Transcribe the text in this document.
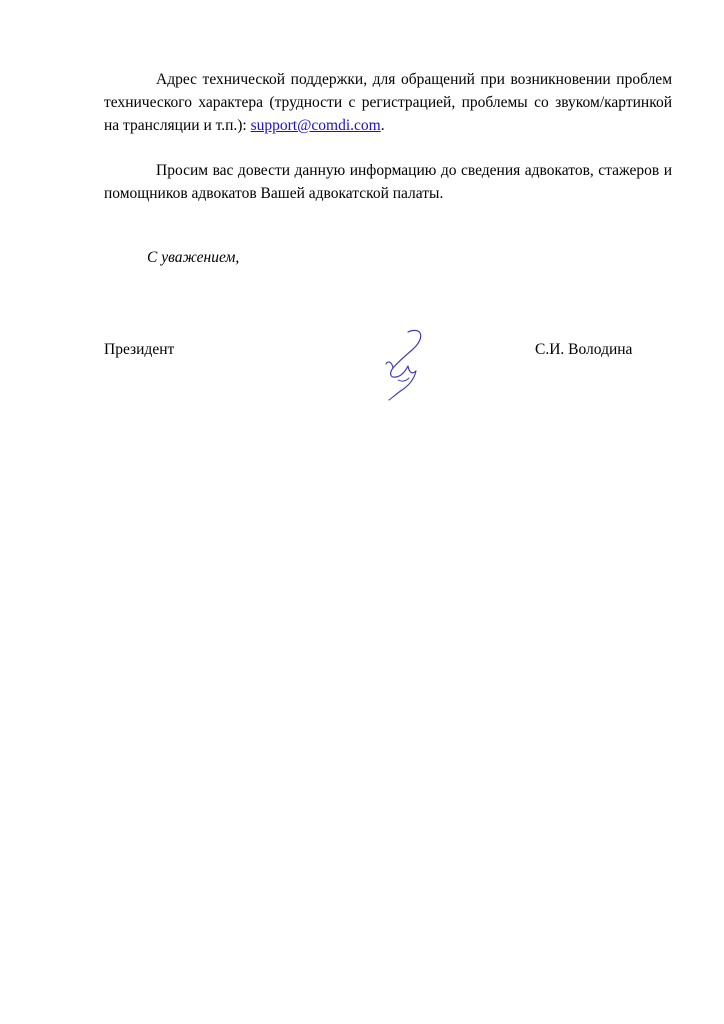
Адрес технической поддержки, для обращений при возникновении проблем технического характера (трудности с регистрацией, проблемы со звуком/картинкой на трансляции и т.п.): support@comdi.com.

Просим вас довести данную информацию до сведения адвокатов, стажеров и помощников адвокатов Вашей адвокатской палаты.

С уважением,

Президент	С.И. Володина
